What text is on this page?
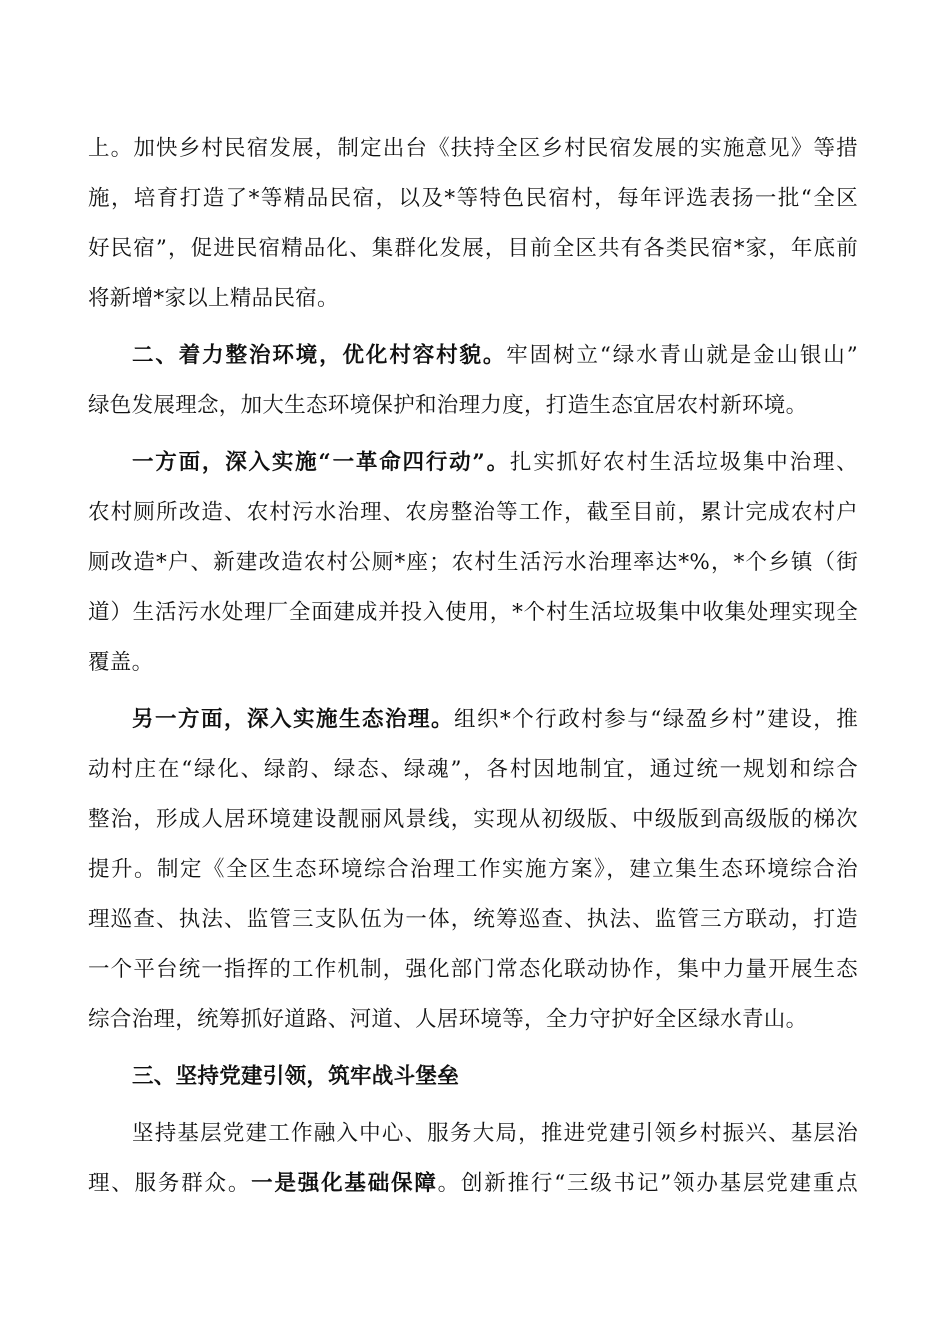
上。加快乡村民宿发展，制定出台《扶持全区乡村民宿发展的实施意见》等措
施，培育打造了*等精品民宿，以及*等特色民宿村，每年评选表扬一批“全区
好民宿”，促进民宿精品化、集群化发展，目前全区共有各类民宿*家，年底前
将新增*家以上精品民宿。
二、着力整治环境，优化村容村貌。牢固树立“绿水青山就是金山银山”
绿色发展理念，加大生态环境保护和治理力度，打造生态宜居农村新环境。
一方面，深入实施“一革命四行动”。扎实抓好农村生活垃圾集中治理、
农村厕所改造、农村污水治理、农房整治等工作，截至目前，累计完成农村户
厕改造*户、新建改造农村公厕*座；农村生活污水治理率达*%，*个乡镇（街
道）生活污水处理厂全面建成并投入使用，*个村生活垃圾集中收集处理实现全
覆盖。
另一方面，深入实施生态治理。组织*个行政村参与“绿盈乡村”建设，推
动村庄在“绿化、绿韵、绿态、绿魂”，各村因地制宜，通过统一规划和综合
整治，形成人居环境建设靓丽风景线，实现从初级版、中级版到高级版的梯次
提升。制定《全区生态环境综合治理工作实施方案》，建立集生态环境综合治
理巡查、执法、监管三支队伍为一体，统筹巡查、执法、监管三方联动，打造
一个平台统一指挥的工作机制，强化部门常态化联动协作，集中力量开展生态
综合治理，统筹抓好道路、河道、人居环境等，全力守护好全区绿水青山。
三、坚持党建引领，筑牢战斗堡垒
坚持基层党建工作融入中心、服务大局，推进党建引领乡村振兴、基层治
理、服务群众。一是强化基础保障。创新推行“三级书记”领办基层党建重点
